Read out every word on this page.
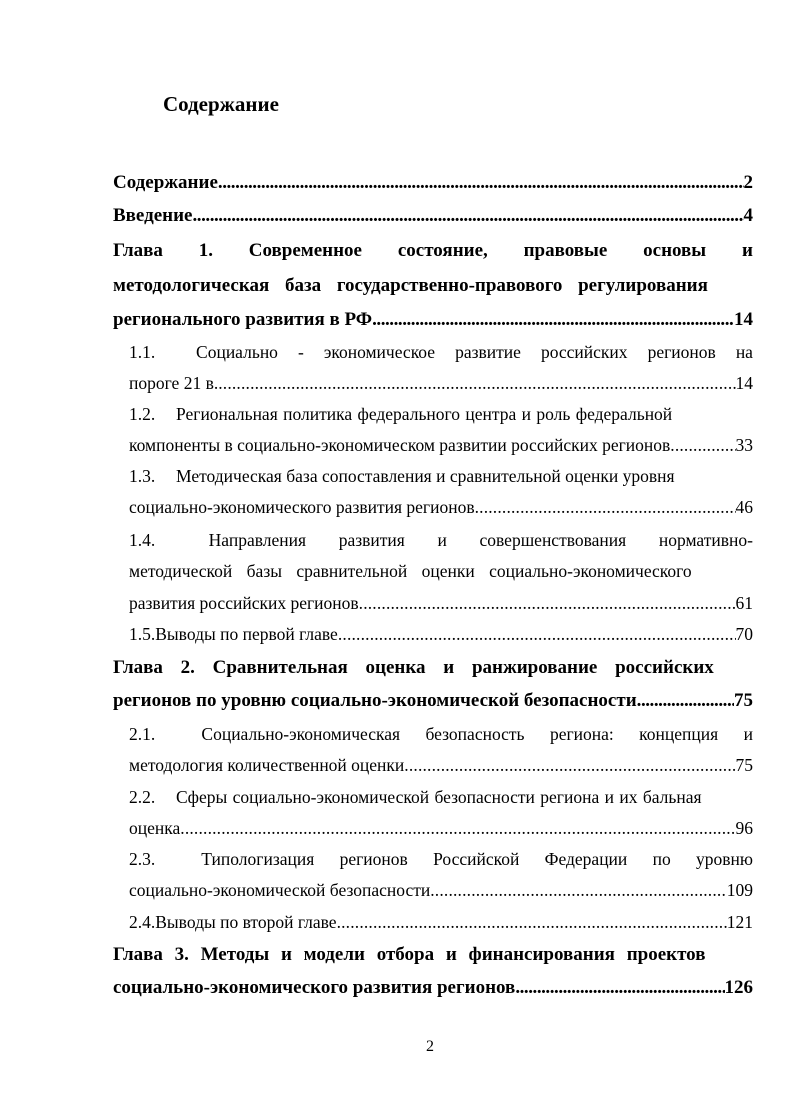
Содержание
Содержание . . .	2
Введение . . .	4
Глава 1. Современное состояние, правовые основы и
методологическая база государственно-правового регулирования
регионального развития в РФ . . .	14
1.1.	Социально - экономическое развитие российских регионов на
пороге 21 в. . . .	14
1.2.	Региональная политика федерального центра и роль федеральной
компоненты в социально-экономическом развитии российских регионов . . .	33
1.3.	Методическая база сопоставления и сравнительной оценки уровня
социально-экономического развития регионов . . .	46
1.4.	Направления развития и совершенствования нормативно-
методической базы сравнительной оценки социально-экономического
развития российских регионов . . .	61
1.5. Выводы по первой главе . . .	70
Глава 2. Сравнительная оценка и ранжирование российских
регионов по уровню социально-экономической безопасности . . .	75
2.1.	Социально-экономическая безопасность региона: концепция и
методология количественной оценки . . .	75
2.2.	Сферы социально-экономической безопасности региона и их бальная
оценка . . .	96
2.3.	Типологизация регионов Российской Федерации по уровню
социально-экономической безопасности . . .	109
2.4. Выводы по второй главе . . .	121
Глава 3. Методы и модели отбора и финансирования проектов
социально-экономического развития регионов . . .	126
2
